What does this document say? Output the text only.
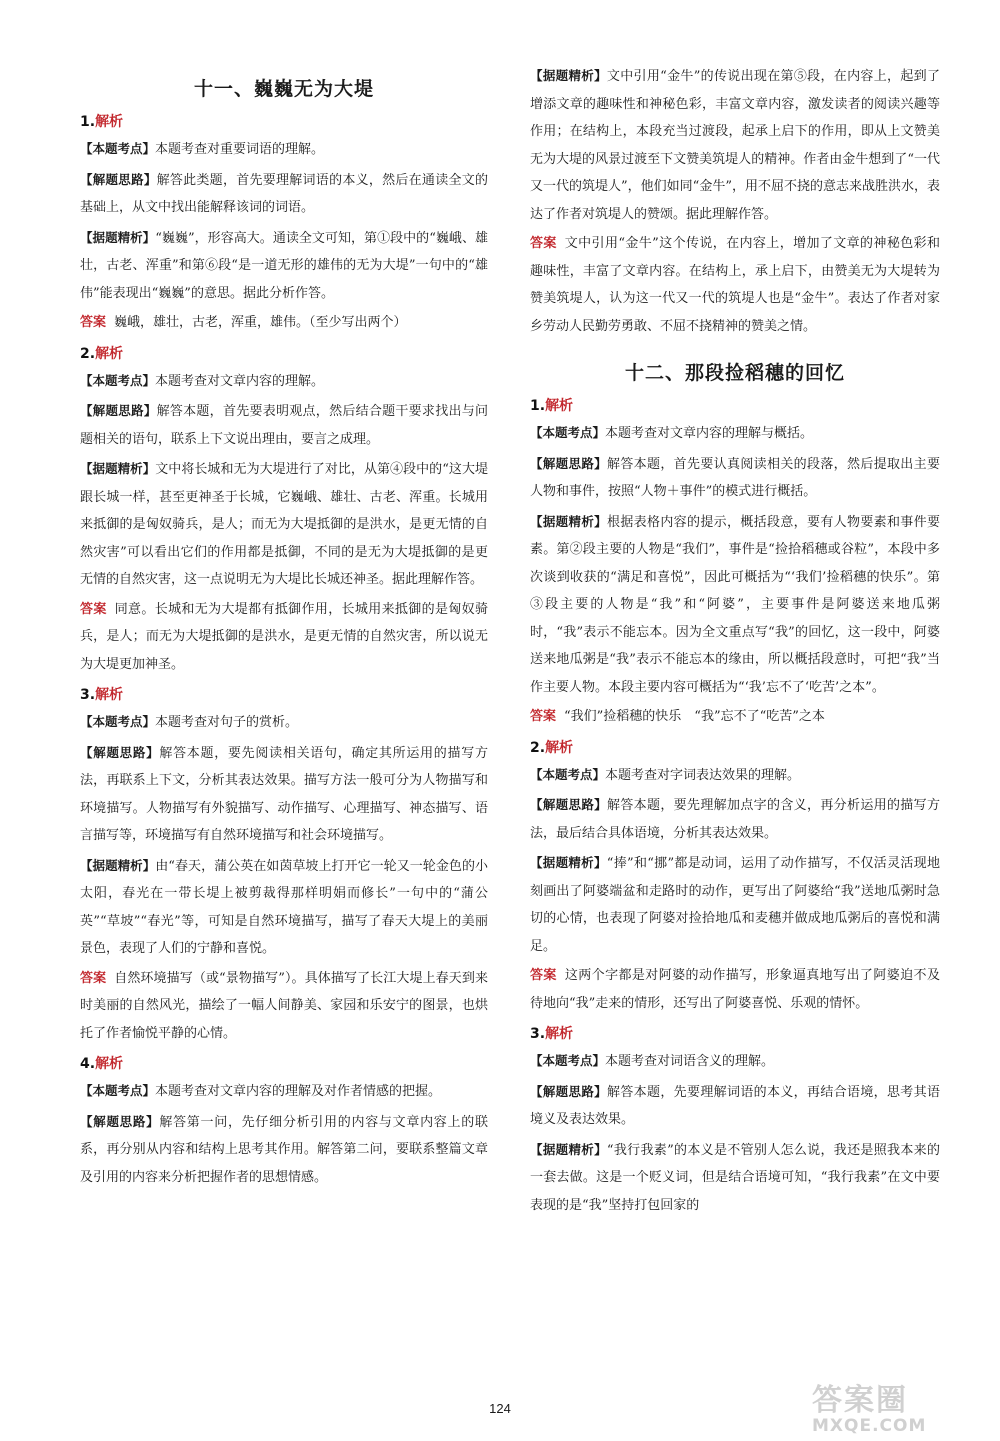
十一、巍巍无为大堤
1.解析

【本题考点】本题考查对重要词语的理解。

【解题思路】解答此类题，首先要理解词语的本义，然后在通读全文的基础上，从文中找出能解释该词的词语。

【据题精析】“巍巍”，形容高大。通读全文可知，第①段中的“巍峨、雄壮，古老、浑重”和第⑥段“是一道无形的雄伟的无为大堤”一句中的“雄伟”能表现出“巍巍”的意思。据此分析作答。

答案 巍峨，雄壮，古老，浑重，雄伟。（至少写出两个）

2.解析

【本题考点】本题考查对文章内容的理解。

【解题思路】解答本题，首先要表明观点，然后结合题干要求找出与问题相关的语句，联系上下文说出理由，要言之成理。

【据题精析】文中将长城和无为大堤进行了对比，从第④段中的“这大堤跟长城一样，甚至更神圣于长城，它巍峨、雄壮、古老、浑重。长城用来抵御的是匈奴骑兵，是人；而无为大堤抵御的是洪水，是更无情的自然灾害”可以看出它们的作用都是抵御，不同的是无为大堤抵御的是更无情的自然灾害，这一点说明无为大堤比长城还神圣。据此理解作答。

答案 同意。长城和无为大堤都有抵御作用，长城用来抵御的是匈奴骑兵，是人；而无为大堤抵御的是洪水，是更无情的自然灾害，所以说无为大堤更加神圣。

3.解析

【本题考点】本题考查对句子的赏析。

【解题思路】解答本题，要先阅读相关语句，确定其所运用的描写方法，再联系上下文，分析其表达效果。描写方法一般可分为人物描写和环境描写。人物描写有外貌描写、动作描写、心理描写、神态描写、语言描写等，环境描写有自然环境描写和社会环境描写。

【据题精析】由“春天，蒲公英在如茵草坡上打开它一轮又一轮金色的小太阳，春光在一带长堤上被剪裁得那样明娟而修长”一句中的“蒲公英”“草坡”“春光”等，可知是自然环境描写，描写了春天大堤上的美丽景色，表现了人们的宁静和喜悦。

答案 自然环境描写（或“景物描写”）。具体描写了长江大堤上春天到来时美丽的自然风光，描绘了一幅人间静美、家园和乐安宁的图景，也烘托了作者愉悦平静的心情。

4.解析

【本题考点】本题考查对文章内容的理解及对作者情感的把握。

【解题思路】解答第一问，先仔细分析引用的内容与文章内容上的联系，再分别从内容和结构上思考其作用。解答第二问，要联系整篇文章及引用的内容来分析把握作者的思想情感。

【据题精析】文中引用“金牛”的传说出现在第⑤段，在内容上，起到了增添文章的趣味性和神秘色彩，丰富文章内容，激发读者的阅读兴趣等作用；在结构上，本段充当过渡段，起承上启下的作用，即从上文赞美无为大堤的风景过渡至下文赞美筑堤人的精神。作者由金牛想到了“一代又一代的筑堤人”，他们如同“金牛”，用不屈不挠的意志来战胜洪水，表达了作者对筑堤人的赞颂。据此理解作答。

答案 文中引用“金牛”这个传说，在内容上，增加了文章的神秘色彩和趣味性，丰富了文章内容。在结构上，承上启下，由赞美无为大堤转为赞美筑堤人，认为这一代又一代的筑堤人也是“金牛”。表达了作者对家乡劳动人民勤劳勇敢、不屈不挠精神的赞美之情。

十二、那段捡稻穗的回忆
1.解析

【本题考点】本题考查对文章内容的理解与概括。

【解题思路】解答本题，首先要认真阅读相关的段落，然后提取出主要人物和事件，按照“人物＋事件”的模式进行概括。

【据题精析】根据表格内容的提示，概括段意，要有人物要素和事件要素。第②段主要的人物是“我们”，事件是“捡拾稻穗或谷粒”，本段中多次谈到收获的“满足和喜悦”，因此可概括为“‘我们’捡稻穗的快乐”。第③段主要的人物是“我”和“阿婆”，主要事件是阿婆送来地瓜粥时，“我”表示不能忘本。因为全文重点写“我”的回忆，这一段中，阿婆送来地瓜粥是“我”表示不能忘本的缘由，所以概括段意时，可把“我”当作主要人物。本段主要内容可概括为“‘我’忘不了‘吃苦’之本”。

答案 “我们”捡稻穗的快乐　“我”忘不了“吃苦”之本

2.解析

【本题考点】本题考查对字词表达效果的理解。

【解题思路】解答本题，要先理解加点字的含义，再分析运用的描写方法，最后结合具体语境，分析其表达效果。

【据题精析】“捧”和“挪”都是动词，运用了动作描写，不仅活灵活现地刻画出了阿婆端盆和走路时的动作，更写出了阿婆给“我”送地瓜粥时急切的心情，也表现了阿婆对捡拾地瓜和麦穗并做成地瓜粥后的喜悦和满足。

答案 这两个字都是对阿婆的动作描写，形象逼真地写出了阿婆迫不及待地向“我”走来的情形，还写出了阿婆喜悦、乐观的情怀。

3.解析

【本题考点】本题考查对词语含义的理解。

【解题思路】解答本题，先要理解词语的本义，再结合语境，思考其语境义及表达效果。

【据题精析】“我行我素”的本义是不管别人怎么说，我还是照我本来的一套去做。这是一个贬义词，但是结合语境可知，“我行我素”在文中要表现的是“我”坚持打包回家的

124	答案圈
MXQE.COM
